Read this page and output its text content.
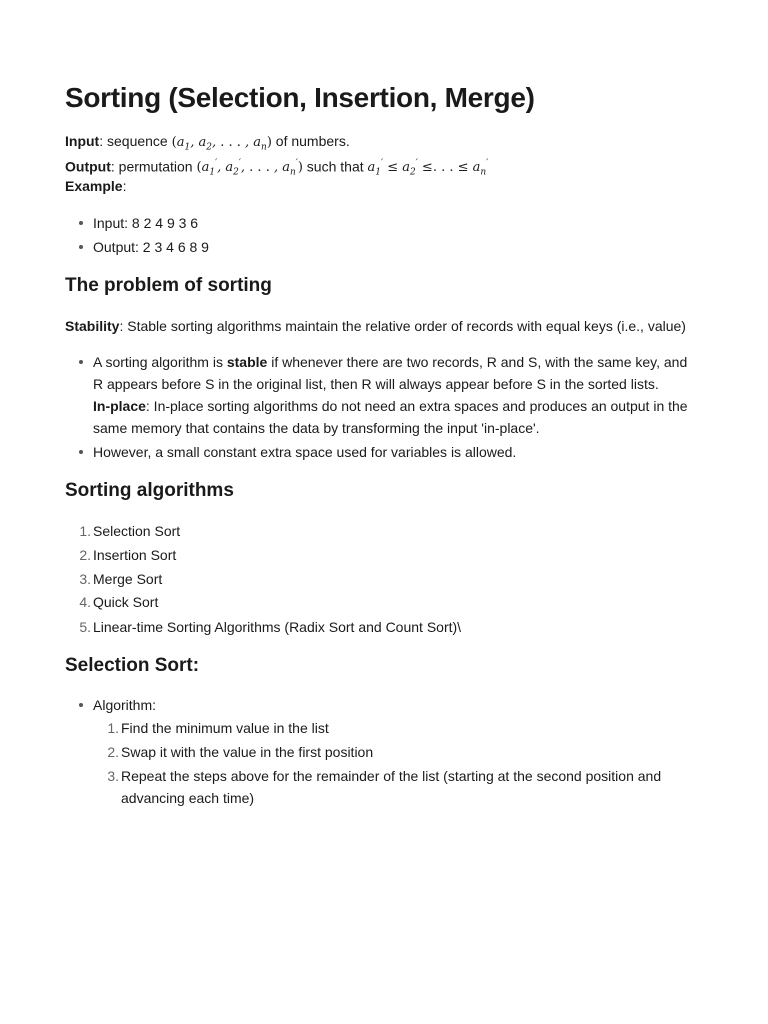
Sorting (Selection, Insertion, Merge)

Input: sequence ($a_1$, $a_2$, . . . , $a_n$) of numbers.

Output: permutation ($a_1'$, $a_2'$, . . . , $a_n'$) such that $a_1' \le a_2'$ ≤. . . ≤ $a_n'$

Example:

Input: 8 2 4 9 3 6
Output: 2 3 4 6 8 9
The problem of sorting

Stability: Stable sorting algorithms maintain the relative order of records with equal keys (i.e., value)

A sorting algorithm is stable if whenever there are two records, R and S, with the same key, and R appears before S in the original list, then R will always appear before S in the sorted lists.
In-place: In-place sorting algorithms do not need an extra spaces and produces an output in the same memory that contains the data by transforming the input 'in-place'.
However, a small constant extra space used for variables is allowed.
Sorting algorithms
1. Selection Sort
2. Insertion Sort
3. Merge Sort
4. Quick Sort
5. Linear-time Sorting Algorithms (Radix Sort and Count Sort)\
Selection Sort:
Algorithm:
1. Find the minimum value in the list
2. Swap it with the value in the first position
3. Repeat the steps above for the remainder of the list (starting at the second position and advancing each time)
